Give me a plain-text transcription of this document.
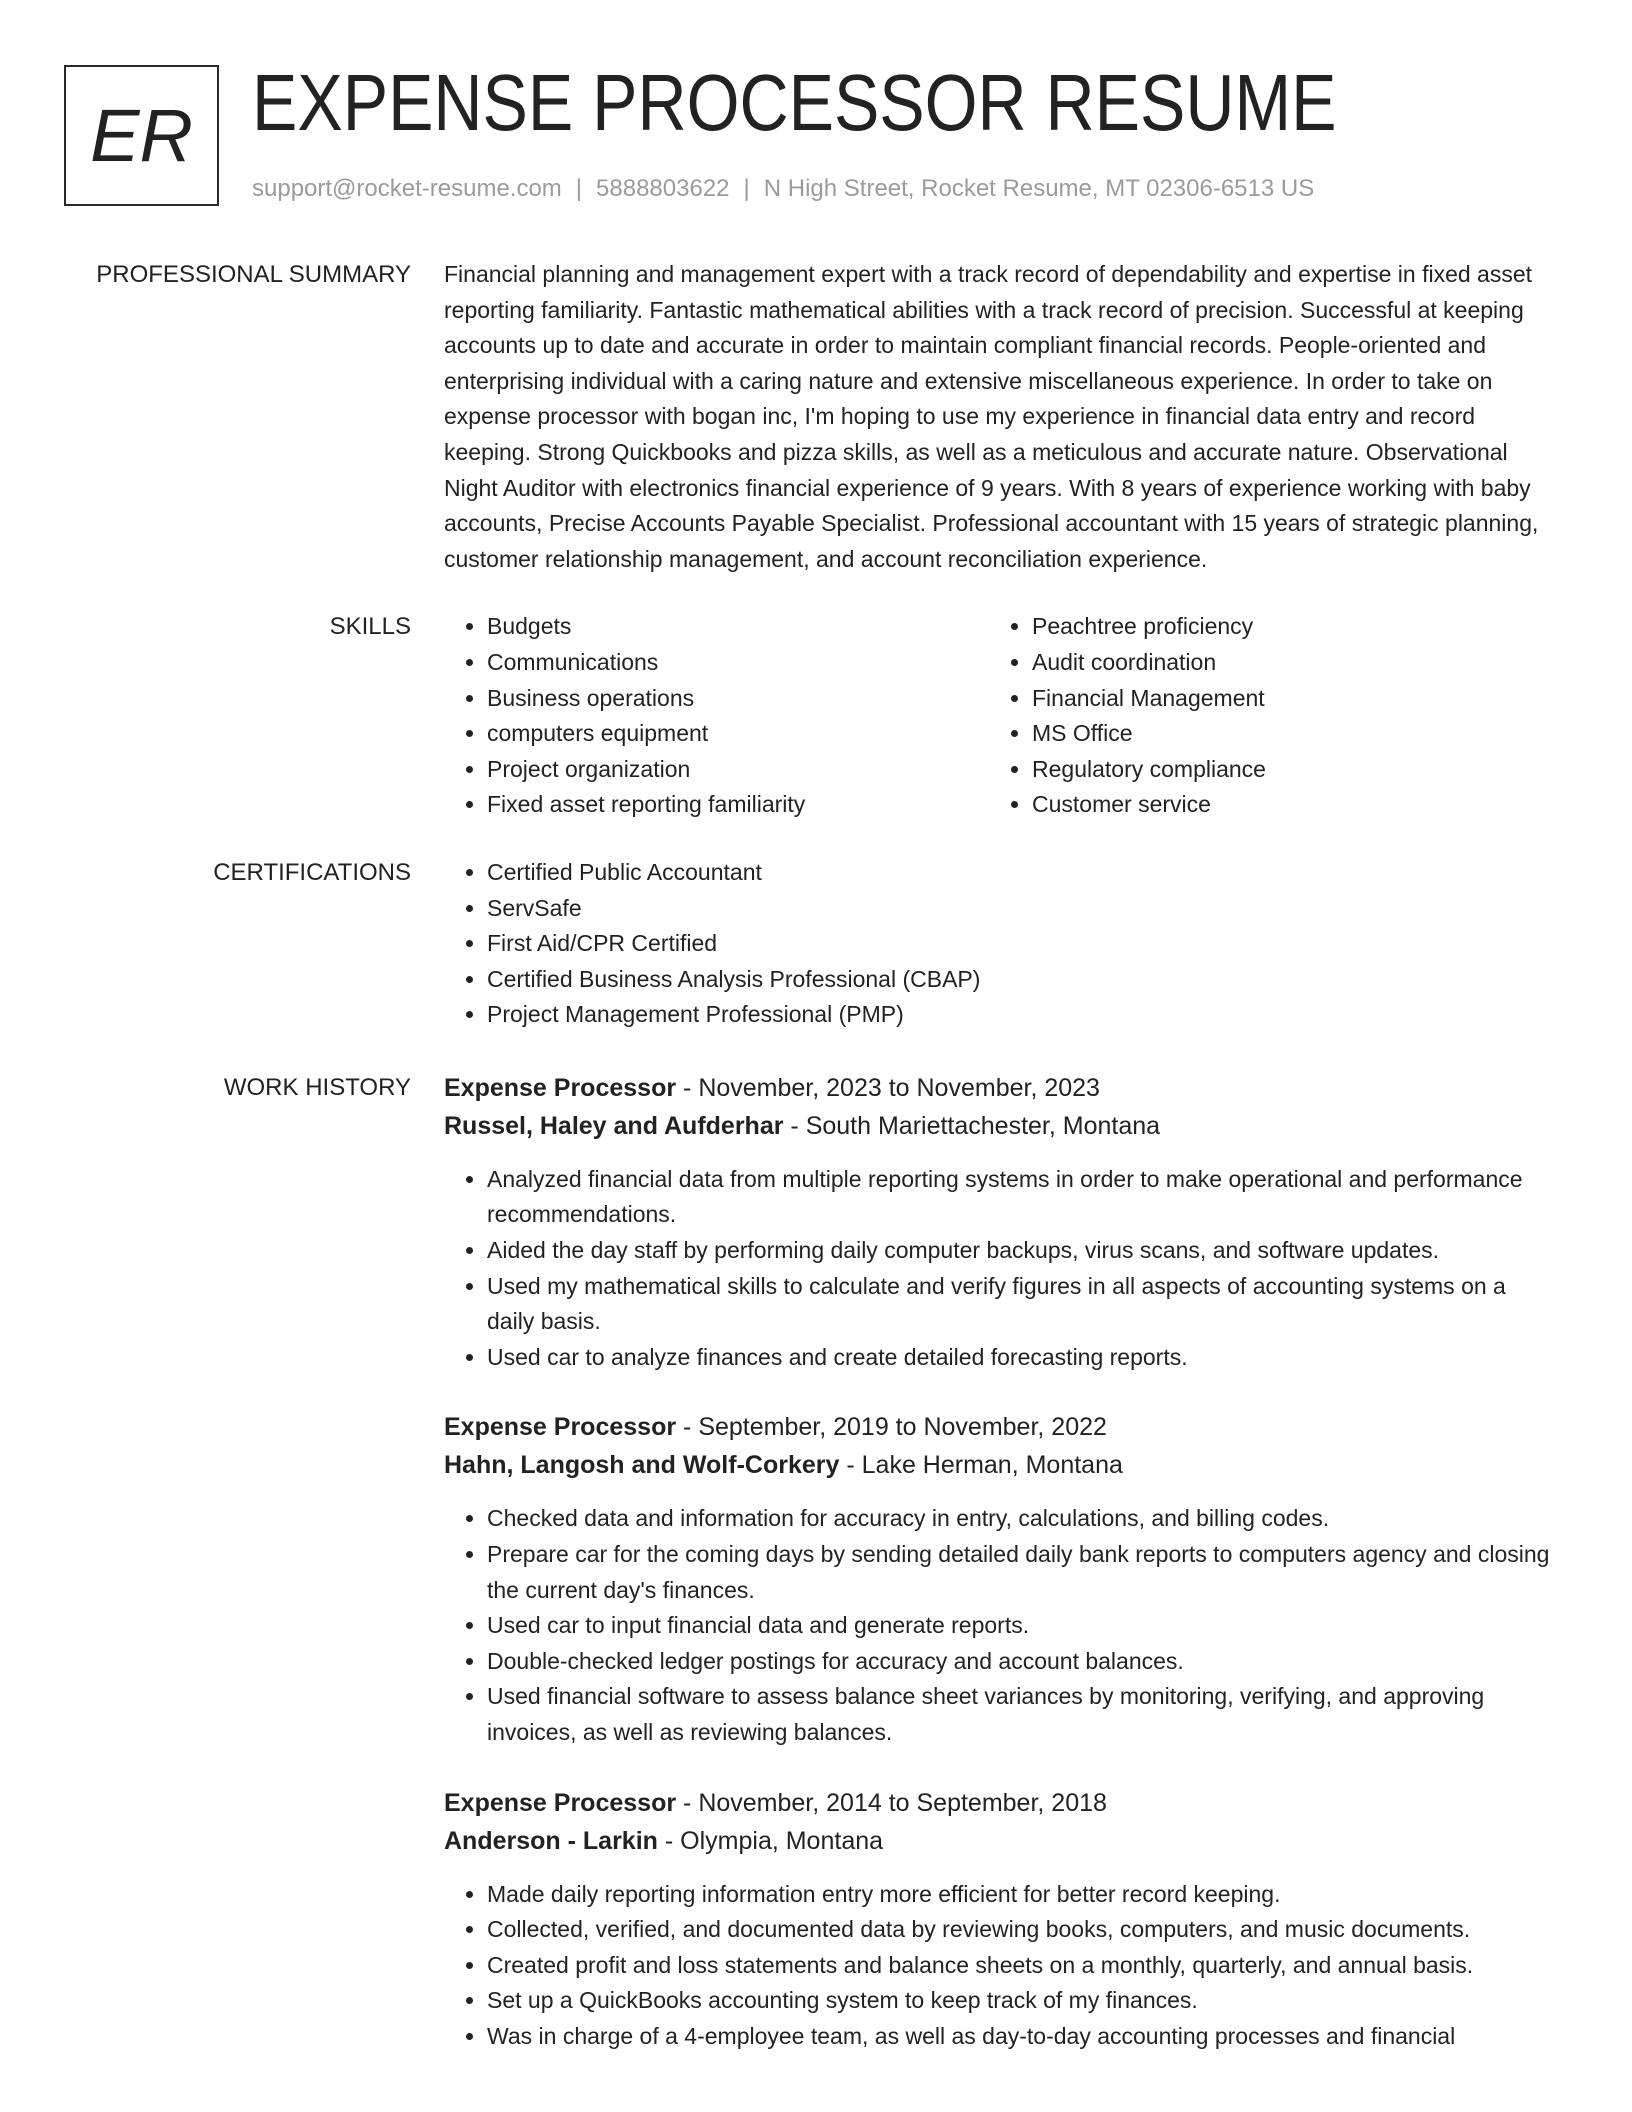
ER EXPENSE PROCESSOR RESUME
support@rocket-resume.com | 5888803622 | N High Street, Rocket Resume, MT 02306-6513 US
PROFESSIONAL SUMMARY Financial planning and management expert with a track record of dependability and expertise in fixed asset reporting familiarity. Fantastic mathematical abilities with a track record of precision. Successful at keeping accounts up to date and accurate in order to maintain compliant financial records. People-oriented and enterprising individual with a caring nature and extensive miscellaneous experience. In order to take on expense processor with bogan inc, I'm hoping to use my experience in financial data entry and record keeping. Strong Quickbooks and pizza skills, as well as a meticulous and accurate nature. Observational Night Auditor with electronics financial experience of 9 years. With 8 years of experience working with baby accounts, Precise Accounts Payable Specialist. Professional accountant with 15 years of strategic planning, customer relationship management, and account reconciliation experience.

SKILLS	• Budgets
• Communications
• Business operations
• computers equipment
• Project organization
• Fixed asset reporting familiarity
• Peachtree proficiency
• Audit coordination
• Financial Management
• MS Office
• Regulatory compliance
• Customer service
CERTIFICATIONS	• Certified Public Accountant
• ServSafe
• First Aid/CPR Certified
• Certified Business Analysis Professional (CBAP)
• Project Management Professional (PMP)
WORK HISTORY Expense Processor - November, 2023 to November, 2023
Russel, Haley and Aufderhar - South Mariettachester, Montana
• Analyzed financial data from multiple reporting systems in order to make operational and performance recommendations.
• Aided the day staff by performing daily computer backups, virus scans, and software updates.
• Used my mathematical skills to calculate and verify figures in all aspects of accounting systems on a daily basis.
• Used car to analyze finances and create detailed forecasting reports.
Expense Processor - September, 2019 to November, 2022
Hahn, Langosh and Wolf-Corkery - Lake Herman, Montana
• Checked data and information for accuracy in entry, calculations, and billing codes.
• Prepare car for the coming days by sending detailed daily bank reports to computers agency and closing the current day's finances.
• Used car to input financial data and generate reports.
• Double-checked ledger postings for accuracy and account balances.
• Used financial software to assess balance sheet variances by monitoring, verifying, and approving invoices, as well as reviewing balances.
Expense Processor - November, 2014 to September, 2018
Anderson - Larkin - Olympia, Montana
• Made daily reporting information entry more efficient for better record keeping.
• Collected, verified, and documented data by reviewing books, computers, and music documents.
• Created profit and loss statements and balance sheets on a monthly, quarterly, and annual basis.
• Set up a QuickBooks accounting system to keep track of my finances.
• Was in charge of a 4-employee team, as well as day-to-day accounting processes and financial
